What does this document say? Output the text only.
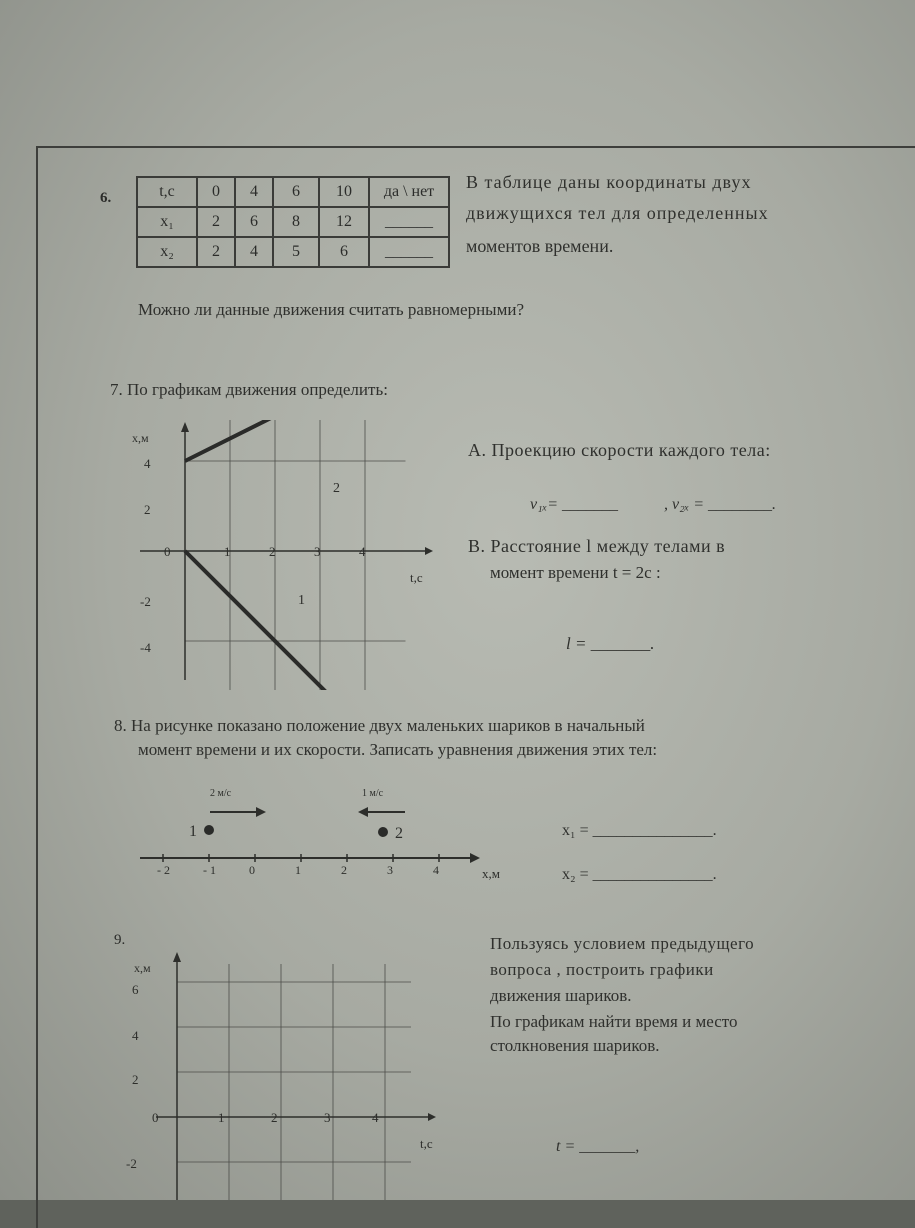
6.	t,c	0	4	6	10	да \ нет
x₁	2	6	8	12	______
x₂	2	4	5	6	______
В таблице даны координаты двух
движущихся тел для определенных
моментов времени.
Можно ли данные движения считать равномерными?
7. По графикам движения определить:
x,м
t,c
1	2	3	4
4
2
0
-2
-4
1
2
А. Проекцию скорости каждого тела:
v₁ₓ= _______	, v₂ₓ = ________.
В. Расстояние l между телами в
момент времени t = 2c :
l = _______.
8. На рисунке показано положение двух маленьких шариков в начальный
момент времени и их скорости. Записать уравнения движения этих тел:
- 2	- 1	0	1	2	3	4	x,м
1	2
2 м/с	1 м/с
x₁ = _______________.
x₂ = _______________.
9.
x,м
t,c
6
4
2
0
-2
1	2	3	4
Пользуясь условием предыдущего
вопроса , построить графики
движения шариков.
По графикам найти время и место
столкновения шариков.
t = _______,
